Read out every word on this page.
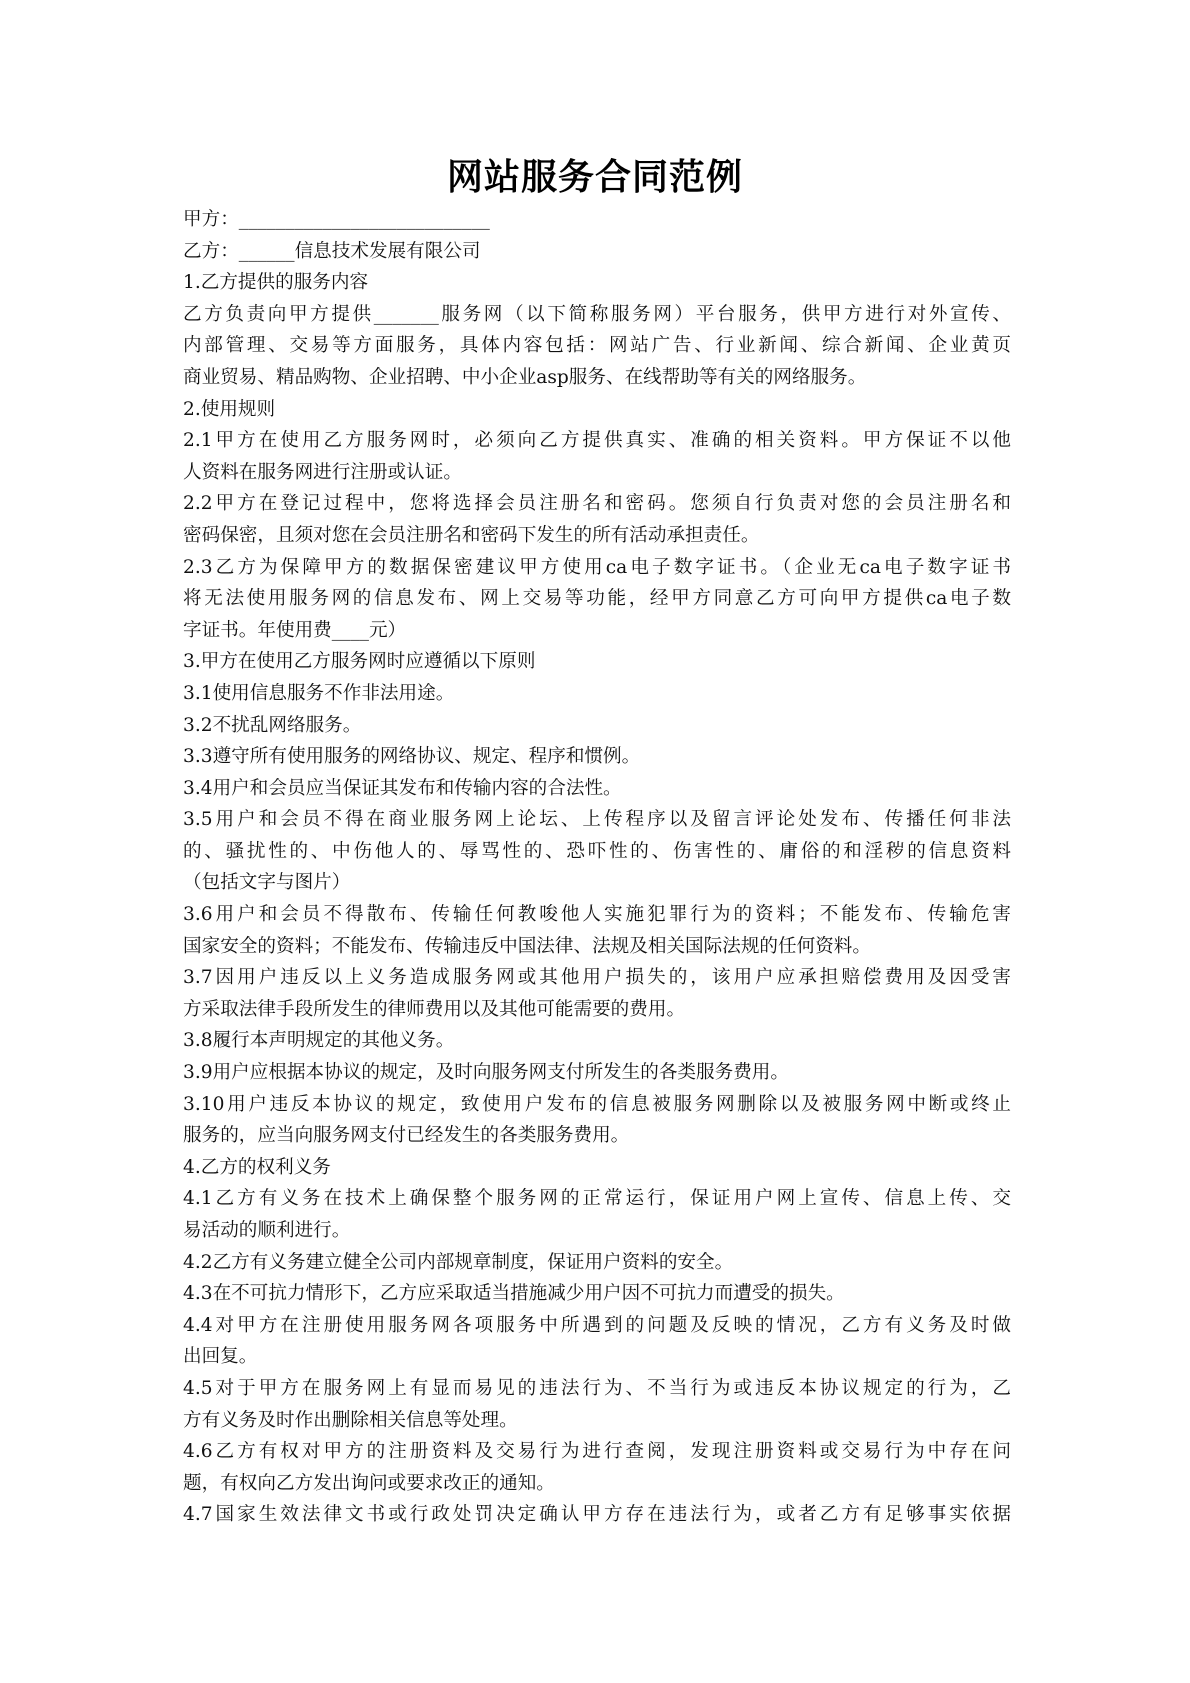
网站服务合同范例
甲方：___________________________
乙方：______信息技术发展有限公司
1.乙方提供的服务内容
乙方负责向甲方提供_______服务网（以下简称服务网）平台服务，供甲方进行对外宣传、
内部管理、交易等方面服务，具体内容包括：网站广告、行业新闻、综合新闻、企业黄页
商业贸易、精品购物、企业招聘、中小企业asp服务、在线帮助等有关的网络服务。
2.使用规则
2.1甲方在使用乙方服务网时，必须向乙方提供真实、准确的相关资料。甲方保证不以他
人资料在服务网进行注册或认证。
2.2甲方在登记过程中，您将选择会员注册名和密码。您须自行负责对您的会员注册名和
密码保密，且须对您在会员注册名和密码下发生的所有活动承担责任。
2.3乙方为保障甲方的数据保密建议甲方使用ca电子数字证书。（企业无ca电子数字证书
将无法使用服务网的信息发布、网上交易等功能，经甲方同意乙方可向甲方提供ca电子数
字证书。年使用费____元）
3.甲方在使用乙方服务网时应遵循以下原则
3.1使用信息服务不作非法用途。
3.2不扰乱网络服务。
3.3遵守所有使用服务的网络协议、规定、程序和惯例。
3.4用户和会员应当保证其发布和传输内容的合法性。
3.5用户和会员不得在商业服务网上论坛、上传程序以及留言评论处发布、传播任何非法
的、骚扰性的、中伤他人的、辱骂性的、恐吓性的、伤害性的、庸俗的和淫秽的信息资料
（包括文字与图片）
3.6用户和会员不得散布、传输任何教唆他人实施犯罪行为的资料；不能发布、传输危害
国家安全的资料；不能发布、传输违反中国法律、法规及相关国际法规的任何资料。
3.7因用户违反以上义务造成服务网或其他用户损失的，该用户应承担赔偿费用及因受害
方采取法律手段所发生的律师费用以及其他可能需要的费用。
3.8履行本声明规定的其他义务。
3.9用户应根据本协议的规定，及时向服务网支付所发生的各类服务费用。
3.10用户违反本协议的规定，致使用户发布的信息被服务网删除以及被服务网中断或终止
服务的，应当向服务网支付已经发生的各类服务费用。
4.乙方的权利义务
4.1乙方有义务在技术上确保整个服务网的正常运行，保证用户网上宣传、信息上传、交
易活动的顺利进行。
4.2乙方有义务建立健全公司内部规章制度，保证用户资料的安全。
4.3在不可抗力情形下，乙方应采取适当措施减少用户因不可抗力而遭受的损失。
4.4对甲方在注册使用服务网各项服务中所遇到的问题及反映的情况，乙方有义务及时做
出回复。
4.5对于甲方在服务网上有显而易见的违法行为、不当行为或违反本协议规定的行为，乙
方有义务及时作出删除相关信息等处理。
4.6乙方有权对甲方的注册资料及交易行为进行查阅，发现注册资料或交易行为中存在问
题，有权向乙方发出询问或要求改正的通知。
4.7国家生效法律文书或行政处罚决定确认甲方存在违法行为，或者乙方有足够事实依据
